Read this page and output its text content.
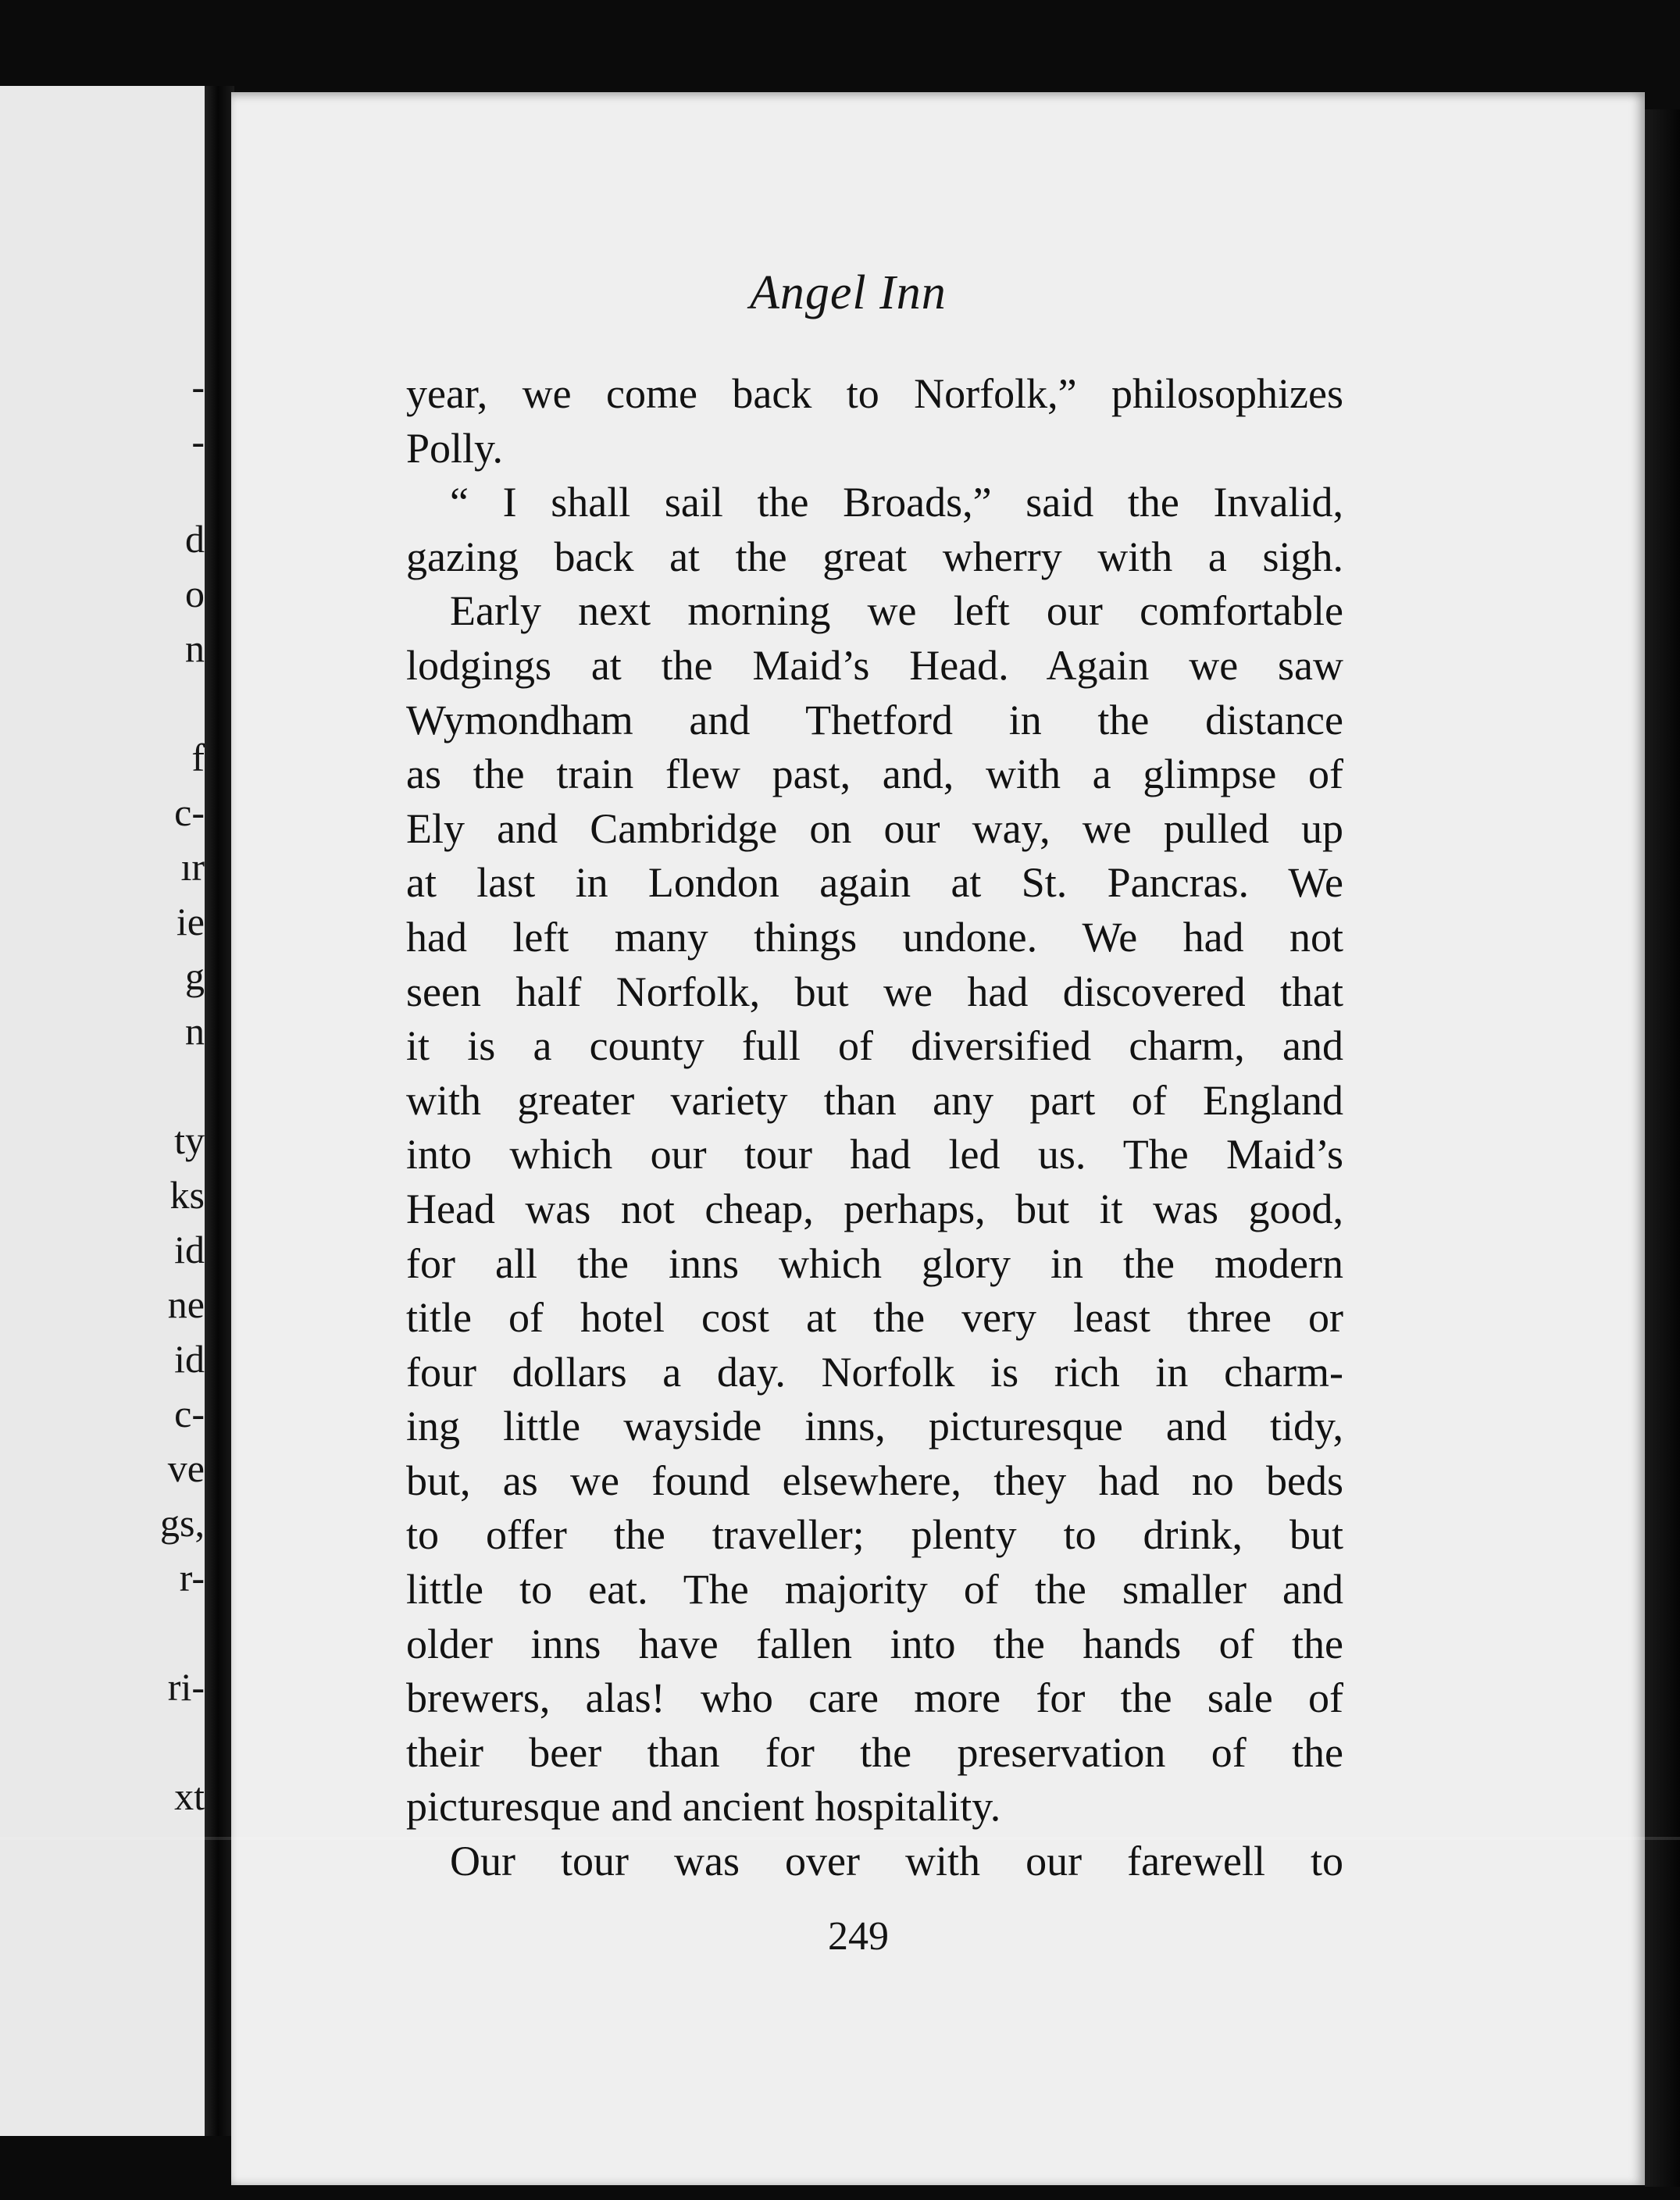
-
-
d
o
n
f
c-
ır
ie
g
n
ty
ks
id
ne
id
c-
ve
gs,
r-
ri-
xt
Angel Inn
year, we come back to Norfolk,” philosophizes
Polly.
“ I shall sail the Broads,” said the Invalid,
gazing back at the great wherry with a sigh.
Early next morning we left our comfortable
lodgings at the Maid’s Head. Again we saw
Wymondham and Thetford in the distance
as the train flew past, and, with a glimpse of
Ely and Cambridge on our way, we pulled up
at last in London again at St. Pancras. We
had left many things undone. We had not
seen half Norfolk, but we had discovered that
it is a county full of diversified charm, and
with greater variety than any part of England
into which our tour had led us. The Maid’s
Head was not cheap, perhaps, but it was good,
for all the inns which glory in the modern
title of hotel cost at the very least three or
four dollars a day. Norfolk is rich in charm-
ing little wayside inns, picturesque and tidy,
but, as we found elsewhere, they had no beds
to offer the traveller; plenty to drink, but
little to eat. The majority of the smaller and
older inns have fallen into the hands of the
brewers, alas! who care more for the sale of
their beer than for the preservation of the
picturesque and ancient hospitality.
Our tour was over with our farewell to
249
